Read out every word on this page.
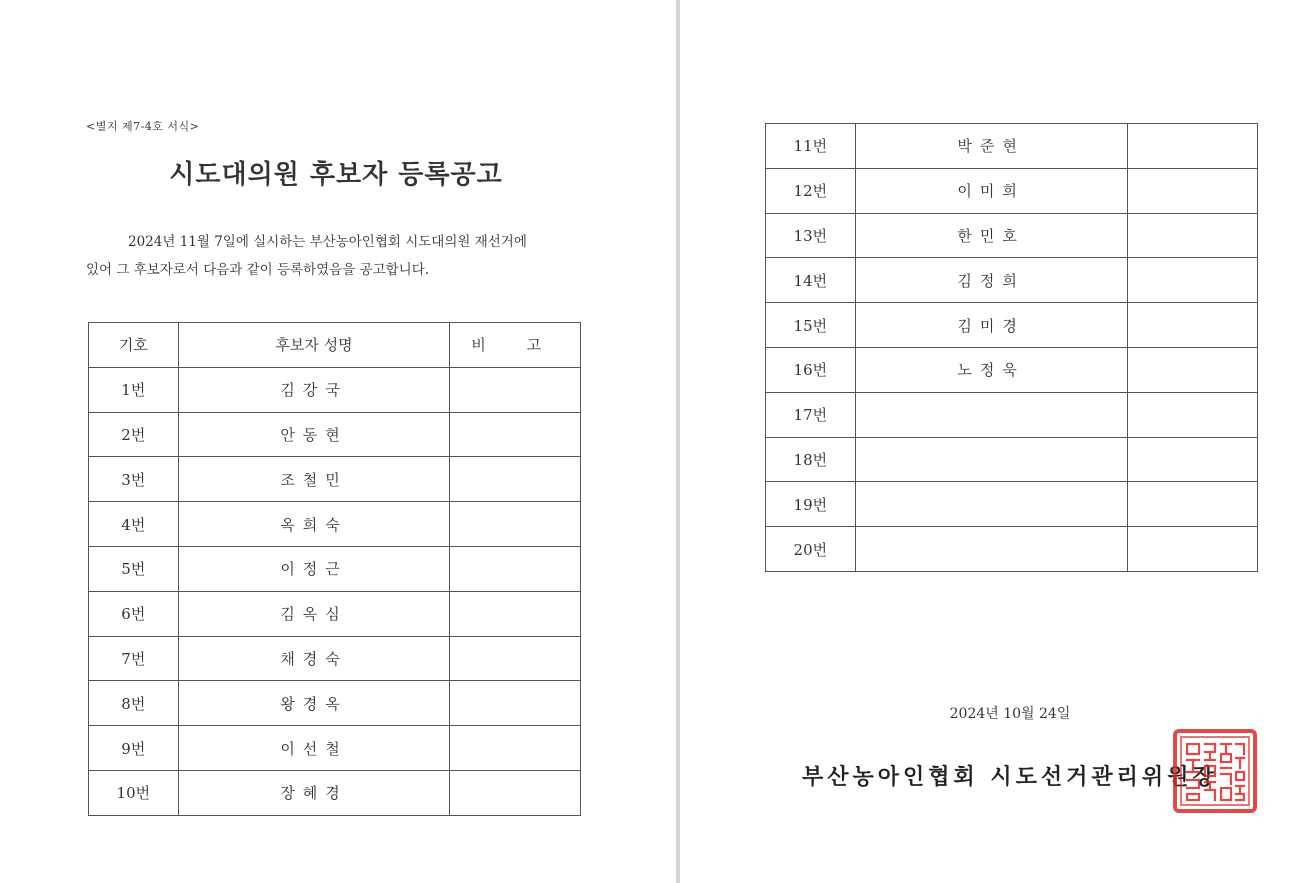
<별지 제7-4호 서식>
시도대의원 후보자 등록공고
2024년 11월 7일에 실시하는 부산농아인협회 시도대의원 재선거에
있어 그 후보자로서 다음과 같이 등록하였음을 공고합니다.
기호	후보자 성명	비 고
1번	김강국	
2번	안동현	
3번	조철민	
4번	옥희숙	
5번	이정근	
6번	김옥심	
7번	채경숙	
8번	왕경옥	
9번	이선철	
10번	장혜경	
11번	박준현	
12번	이미희	
13번	한민호	
14번	김정희	
15번	김미경	
16번	노정욱	
17번		
18번		
19번		
20번		
2024년 10월 24일
부산농아인협회 시도선거관리위원장
